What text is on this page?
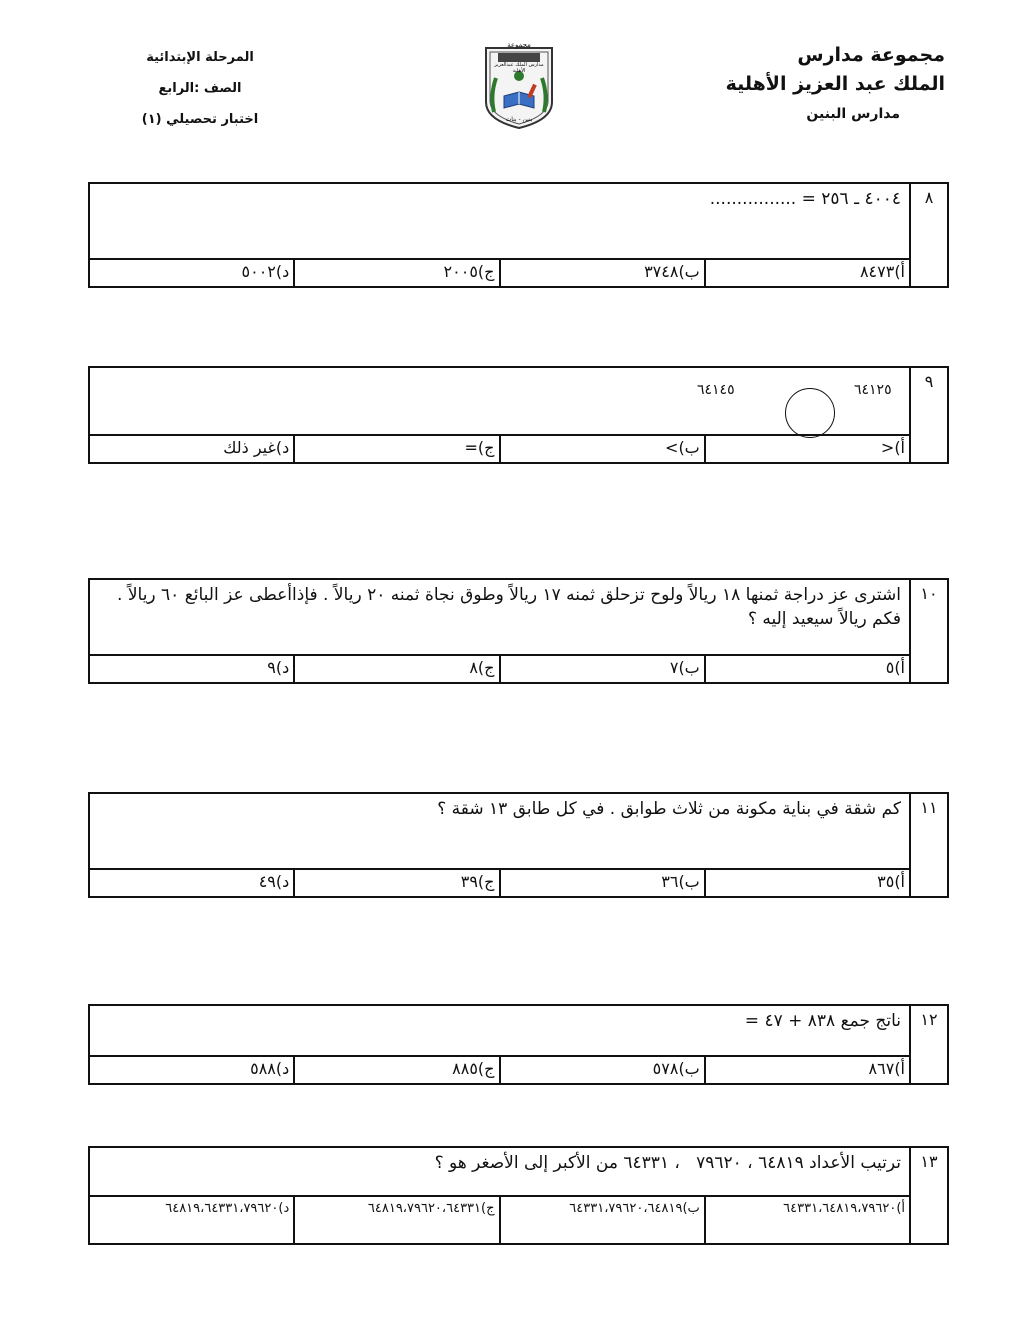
مجموعة مدارس
الملك عبد العزيز الأهلية
مدارس البنين
مجموعة
مدارس الملك عبدالعزيز الأهلية
بنين - بنات
المرحلة الإبتدائية
الصف :الرابع
اختبار تحصيلي (١)
٨
٤٠٠٤ ـ ٢٥٦ = ................
أ)٨٤٧٣
ب)٣٧٤٨
ج)٢٠٠٥
د)٥٠٠٢
٩
٦٤١٢٥
٦٤١٤٥
أ)<
ب)>
ج)=
د)غير ذلك
١٠
اشترى عز دراجة ثمنها ١٨ ريالاً ولوح تزحلق ثمنه ١٧ ريالاً وطوق نجاة ثمنه ٢٠ ريالاً . فإذاأعطى عز البائع ٦٠ ريالاً . فكم ريالاً سيعيد إليه ؟
أ)٥
ب)٧
ج)٨
د)٩
١١
كم شقة في بناية مكونة من ثلاث طوابق . في كل طابق ١٣ شقة ؟
أ)٣٥
ب)٣٦
ج)٣٩
د)٤٩
١٢
ناتج جمع ٨٣٨ + ٤٧ =
أ)٨٦٧
ب)٥٧٨
ج)٨٨٥
د)٥٨٨
١٣
ترتيب الأعداد ٦٤٨١٩ ، ٧٩٦٢٠   ، ٦٤٣٣١ من الأكبر إلى الأصغر هو ؟
أ)٦٤٣٣١،٦٤٨١٩،٧٩٦٢٠
ب)٦٤٣٣١،٧٩٦٢٠،٦٤٨١٩
ج)٦٤٨١٩،٧٩٦٢٠،٦٤٣٣١
د)٦٤٨١٩،٦٤٣٣١،٧٩٦٢٠
